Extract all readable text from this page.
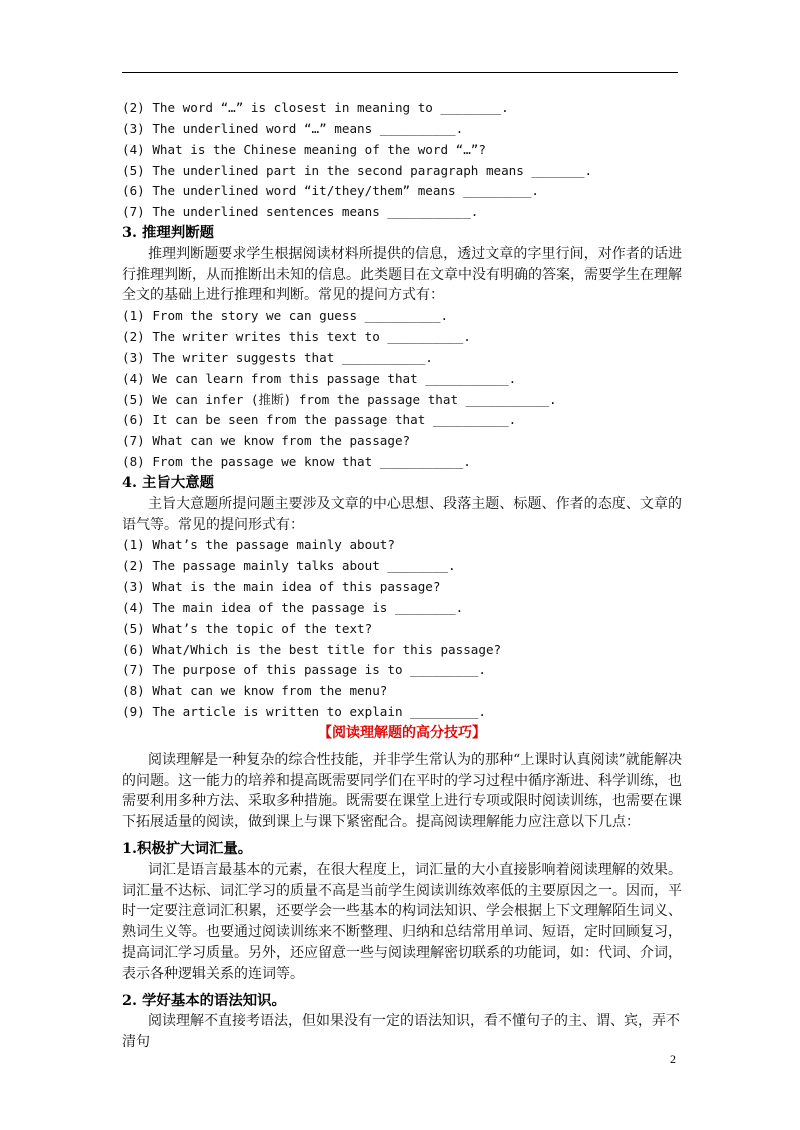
(2) The word “…” is closest in meaning to ________.
(3) The underlined word “…” means __________.
(4) What is the Chinese meaning of the word “…”?
(5) The underlined part in the second paragraph means _______.
(6) The underlined word “it/they/them” means _________.
(7) The underlined sentences means ___________.
3. 推理判断题
推理判断题要求学生根据阅读材料所提供的信息，透过文章的字里行间，对作者的话进行推理判断，从而推断出未知的信息。此类题目在文章中没有明确的答案，需要学生在理解全文的基础上进行推理和判断。常见的提问方式有：
(1) From the story we can guess __________.
(2) The writer writes this text to __________.
(3) The writer suggests that ___________.
(4) We can learn from this passage that ___________.
(5) We can infer (推断) from the passage that ___________.
(6) It can be seen from the passage that __________.
(7) What can we know from the passage?
(8) From the passage we know that ___________.
4. 主旨大意题
主旨大意题所提问题主要涉及文章的中心思想、段落主题、标题、作者的态度、文章的语气等。常见的提问形式有：
(1) What’s the passage mainly about?
(2) The passage mainly talks about ________.
(3) What is the main idea of this passage?
(4) The main idea of the passage is ________.
(5) What’s the topic of the text?
(6) What/Which is the best title for this passage?
(7) The purpose of this passage is to _________.
(8) What can we know from the menu?
(9) The article is written to explain _________.
【阅读理解题的高分技巧】
阅读理解是一种复杂的综合性技能，并非学生常认为的那种“上课时认真阅读”就能解决的问题。这一能力的培养和提高既需要同学们在平时的学习过程中循序渐进、科学训练，也需要利用多种方法、采取多种措施。既需要在课堂上进行专项或限时阅读训练，也需要在课下拓展适量的阅读，做到课上与课下紧密配合。提高阅读理解能力应注意以下几点：
1.积极扩大词汇量。
词汇是语言最基本的元素，在很大程度上，词汇量的大小直接影响着阅读理解的效果。词汇量不达标、词汇学习的质量不高是当前学生阅读训练效率低的主要原因之一。因而，平时一定要注意词汇积累，还要学会一些基本的构词法知识、学会根据上下文理解陌生词义、熟词生义等。也要通过阅读训练来不断整理、归纳和总结常用单词、短语，定时回顾复习，提高词汇学习质量。另外，还应留意一些与阅读理解密切联系的功能词，如：代词、介词，表示各种逻辑关系的连词等。
2. 学好基本的语法知识。
阅读理解不直接考语法，但如果没有一定的语法知识，看不懂句子的主、谓、宾，弄不清句
2
